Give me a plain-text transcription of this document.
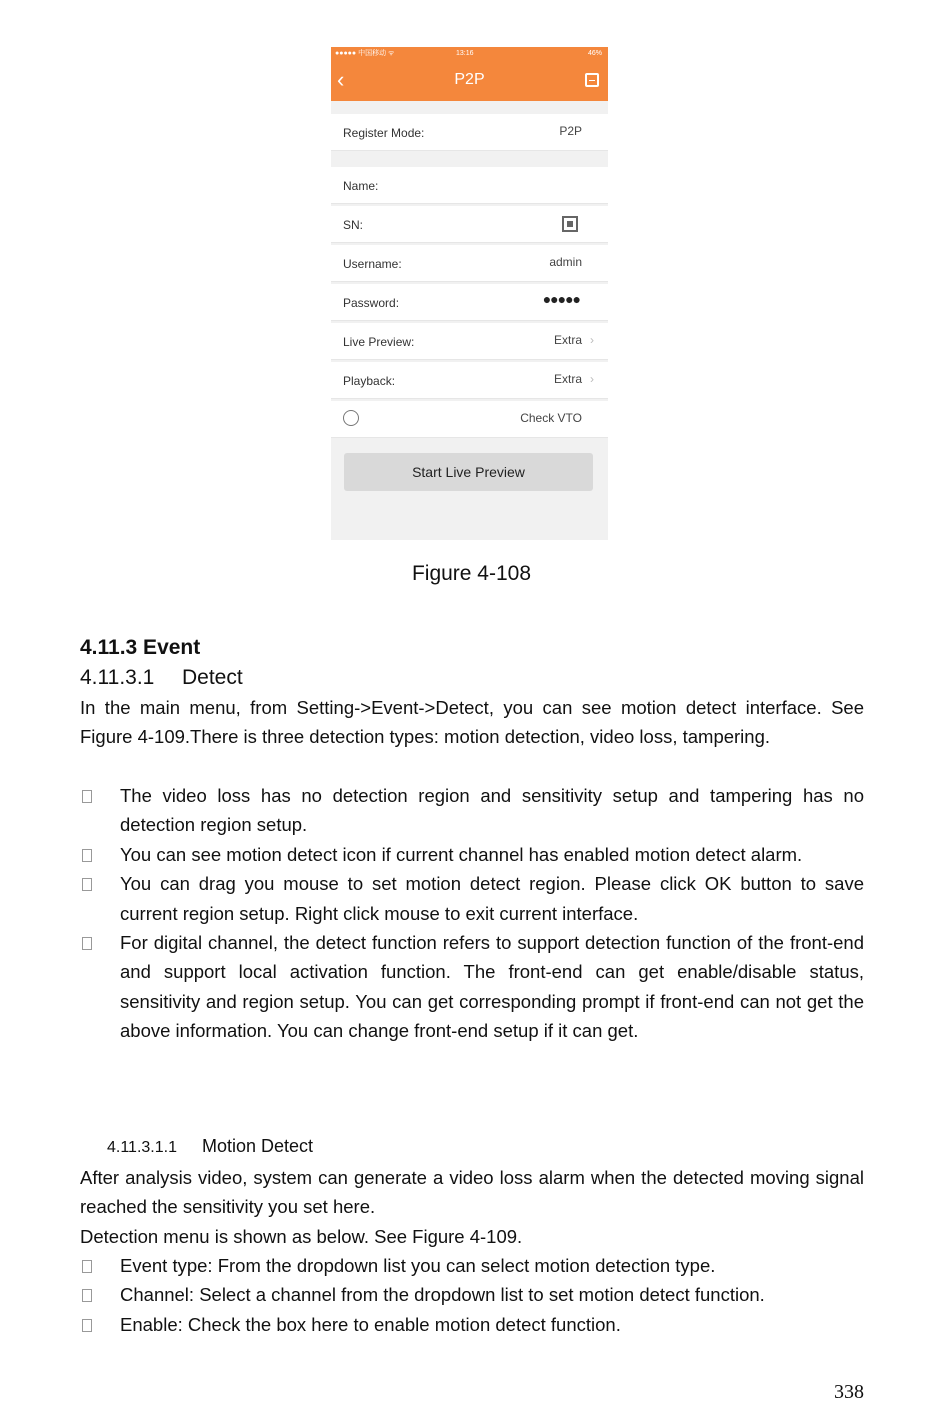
●●●●● 中国移动 ᯤ	13:16	46%
‹	P2P
Register Mode:	P2P
Name:
SN:
Username:	admin
Password:	●●●●●
Live Preview:	Extra ›
Playback:	Extra ›
Check VTO
Start Live Preview
Figure 4-108
4.11.3 Event
4.11.3.1 Detect
In the main menu, from Setting->Event->Detect, you can see motion detect interface. See Figure 4-109.There is three detection types: motion detection, video loss, tampering.
The video loss has no detection region and sensitivity setup and tampering has no detection region setup.
You can see motion detect icon if current channel has enabled motion detect alarm.
You can drag you mouse to set motion detect region. Please click OK button to save current region setup. Right click mouse to exit current interface.
For digital channel, the detect function refers to support detection function of the front-end and support local activation function. The front-end can get enable/disable status, sensitivity and region setup. You can get corresponding prompt if front-end can not get the above information. You can change front-end setup if it can get.
4.11.3.1.1 Motion Detect
After analysis video, system can generate a video loss alarm when the detected moving signal reached the sensitivity you set here.
Detection menu is shown as below. See Figure 4-109.
Event type: From the dropdown list you can select motion detection type.
Channel: Select a channel from the dropdown list to set motion detect function.
Enable: Check the box here to enable motion detect function.
338
